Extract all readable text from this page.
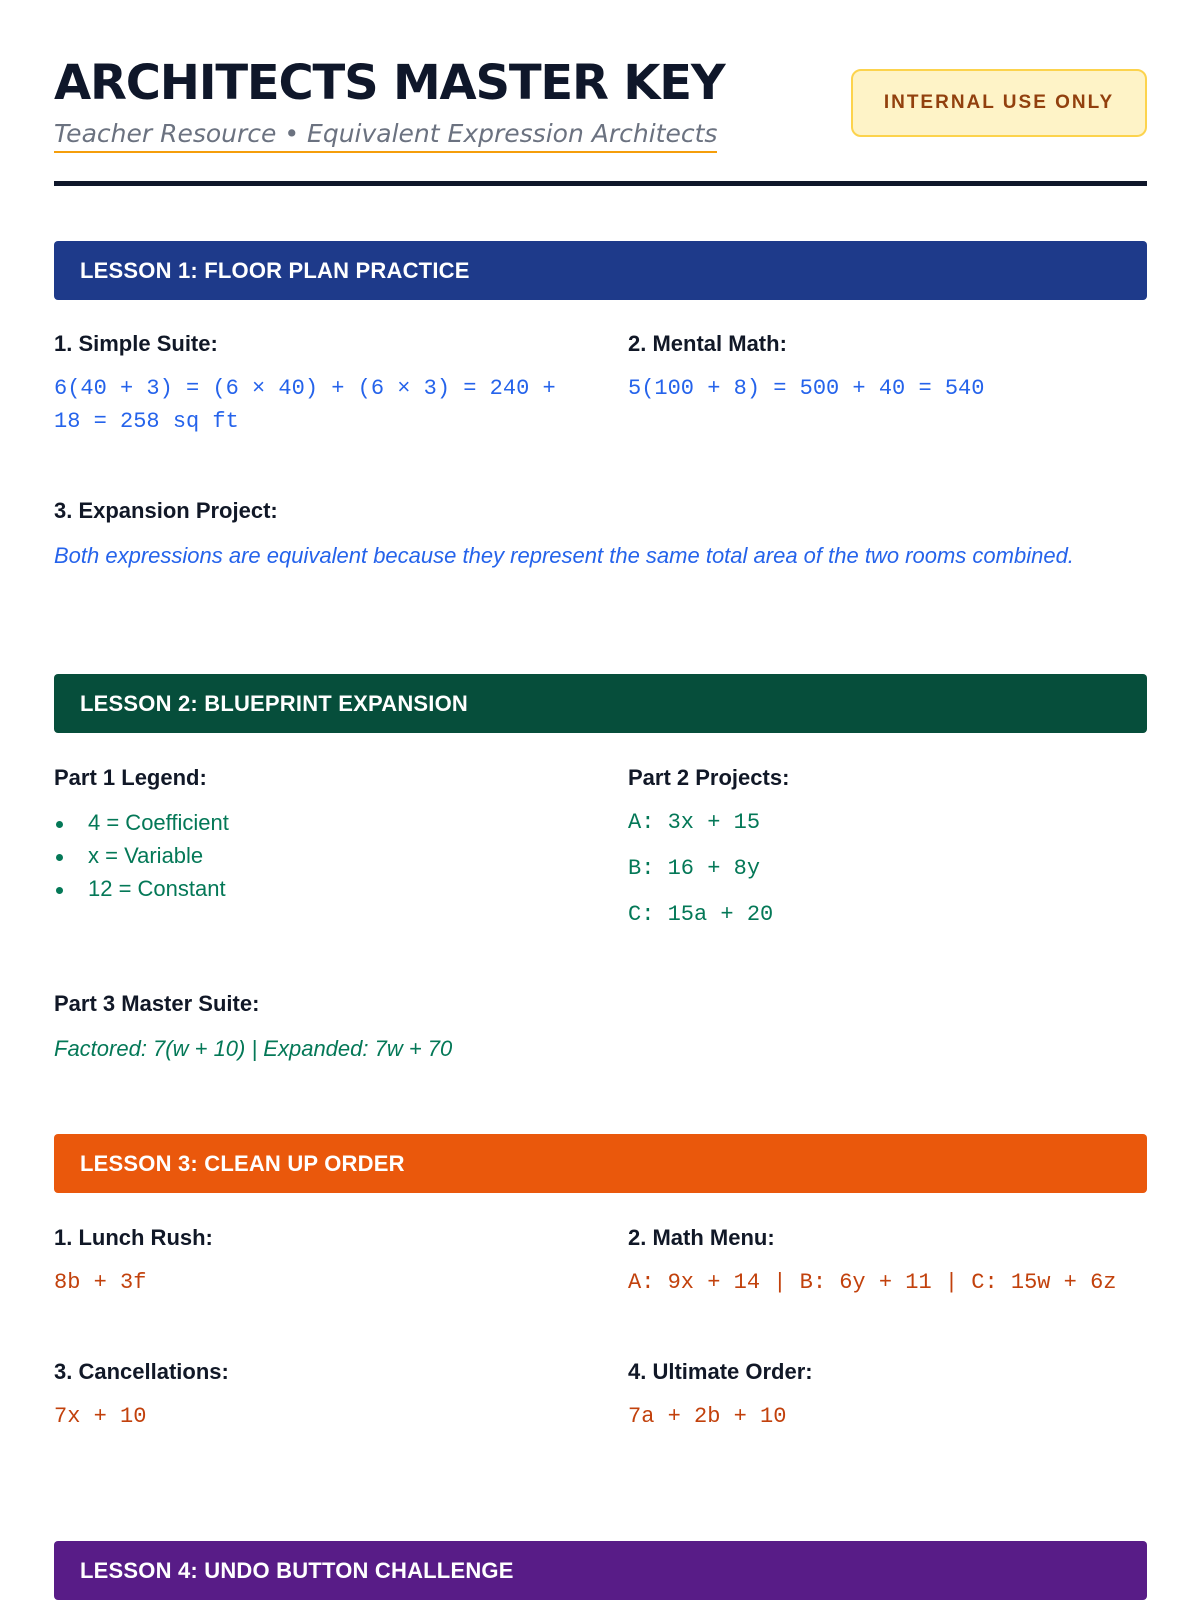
ARCHITECTS MASTER KEY
Teacher Resource • Equivalent Expression Architects
INTERNAL USE ONLY
LESSON 1: FLOOR PLAN PRACTICE
1. Simple Suite:
6(40 + 3) = (6 × 40) + (6 × 3) = 240 + 18 = 258 sq ft
2. Mental Math:
5(100 + 8) = 500 + 40 = 540
3. Expansion Project:
Both expressions are equivalent because they represent the same total area of the two rooms combined.
LESSON 2: BLUEPRINT EXPANSION
Part 1 Legend:
4 = Coefficient
x = Variable
12 = Constant
Part 2 Projects:
A: 3x + 15
B: 16 + 8y
C: 15a + 20
Part 3 Master Suite:
Factored: 7(w + 10) | Expanded: 7w + 70
LESSON 3: CLEAN UP ORDER
1. Lunch Rush:
8b + 3f
2. Math Menu:
A: 9x + 14 | B: 6y + 11 | C: 15w + 6z
3. Cancellations:
7x + 10
4. Ultimate Order:
7a + 2b + 10
LESSON 4: UNDO BUTTON CHALLENGE
